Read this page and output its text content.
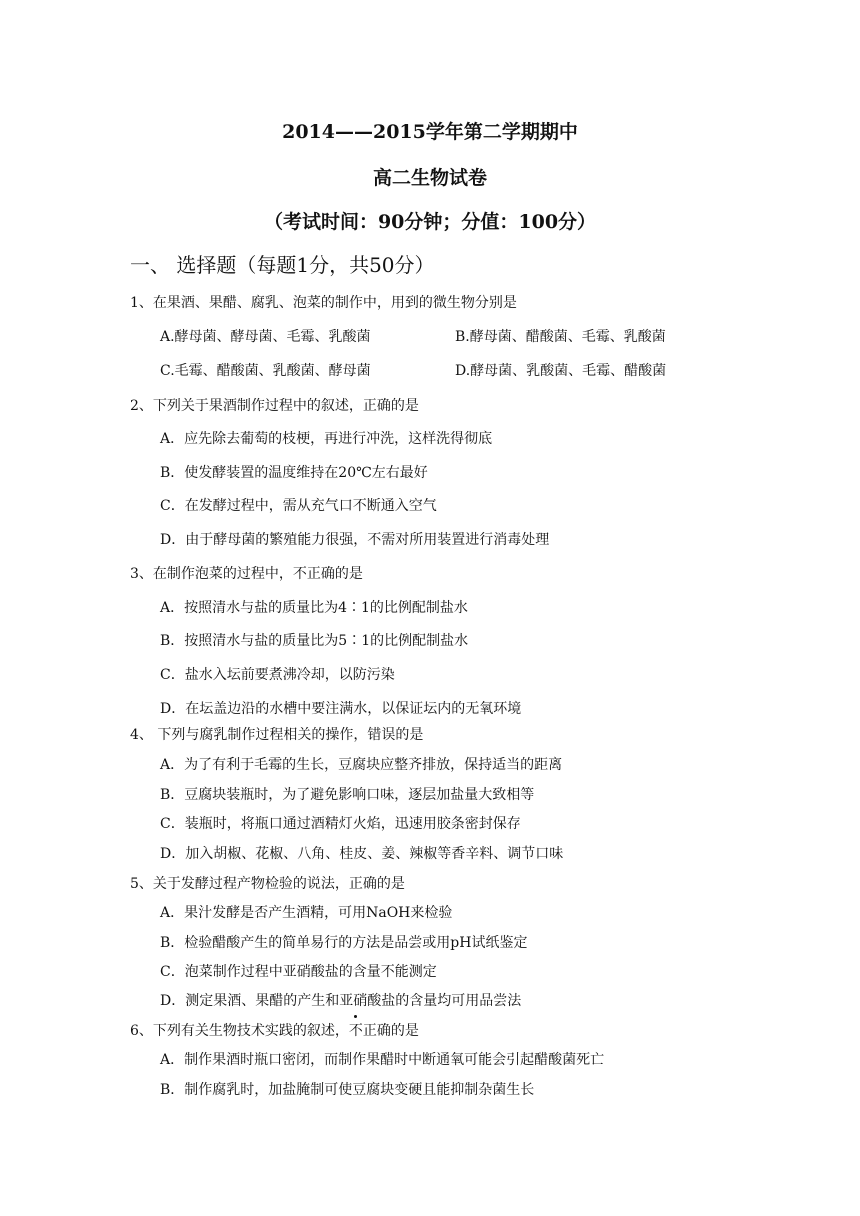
2014——2015学年第二学期期中
高二生物试卷
（考试时间：90分钟；分值：100分）
一、 选择题（每题1分，共50分）
1、在果酒、果醋、腐乳、泡菜的制作中，用到的微生物分别是
A.酵母菌、酵母菌、毛霉、乳酸菌	B.酵母菌、醋酸菌、毛霉、乳酸菌
C.毛霉、醋酸菌、乳酸菌、酵母菌	D.酵母菌、乳酸菌、毛霉、醋酸菌
2、下列关于果酒制作过程中的叙述，正确的是
A．应先除去葡萄的枝梗，再进行冲洗，这样洗得彻底
B．使发酵装置的温度维持在20℃左右最好
C．在发酵过程中，需从充气口不断通入空气
D．由于酵母菌的繁殖能力很强，不需对所用装置进行消毒处理
3、在制作泡菜的过程中，不正确的是
A．按照清水与盐的质量比为4∶1的比例配制盐水
B．按照清水与盐的质量比为5∶1的比例配制盐水
C．盐水入坛前要煮沸冷却，以防污染
D．在坛盖边沿的水槽中要注满水，以保证坛内的无氧环境
4、 下列与腐乳制作过程相关的操作，错误的是
A．为了有利于毛霉的生长，豆腐块应整齐排放，保持适当的距离
B．豆腐块装瓶时，为了避免影响口味，逐层加盐量大致相等
C．装瓶时，将瓶口通过酒精灯火焰，迅速用胶条密封保存
D．加入胡椒、花椒、八角、桂皮、姜、辣椒等香辛料、调节口味
5、关于发酵过程产物检验的说法，正确的是
A．果汁发酵是否产生酒精，可用NaOH来检验
B．检验醋酸产生的简单易行的方法是品尝或用pH试纸鉴定
C．泡菜制作过程中亚硝酸盐的含量不能测定
D．测定果酒、果醋的产生和亚硝酸盐的含量均可用品尝法
6、下列有关生物技术实践的叙述，不正确的是
A．制作果酒时瓶口密闭，而制作果醋时中断通氧可能会引起醋酸菌死亡
B．制作腐乳时，加盐腌制可使豆腐块变硬且能抑制杂菌生长
